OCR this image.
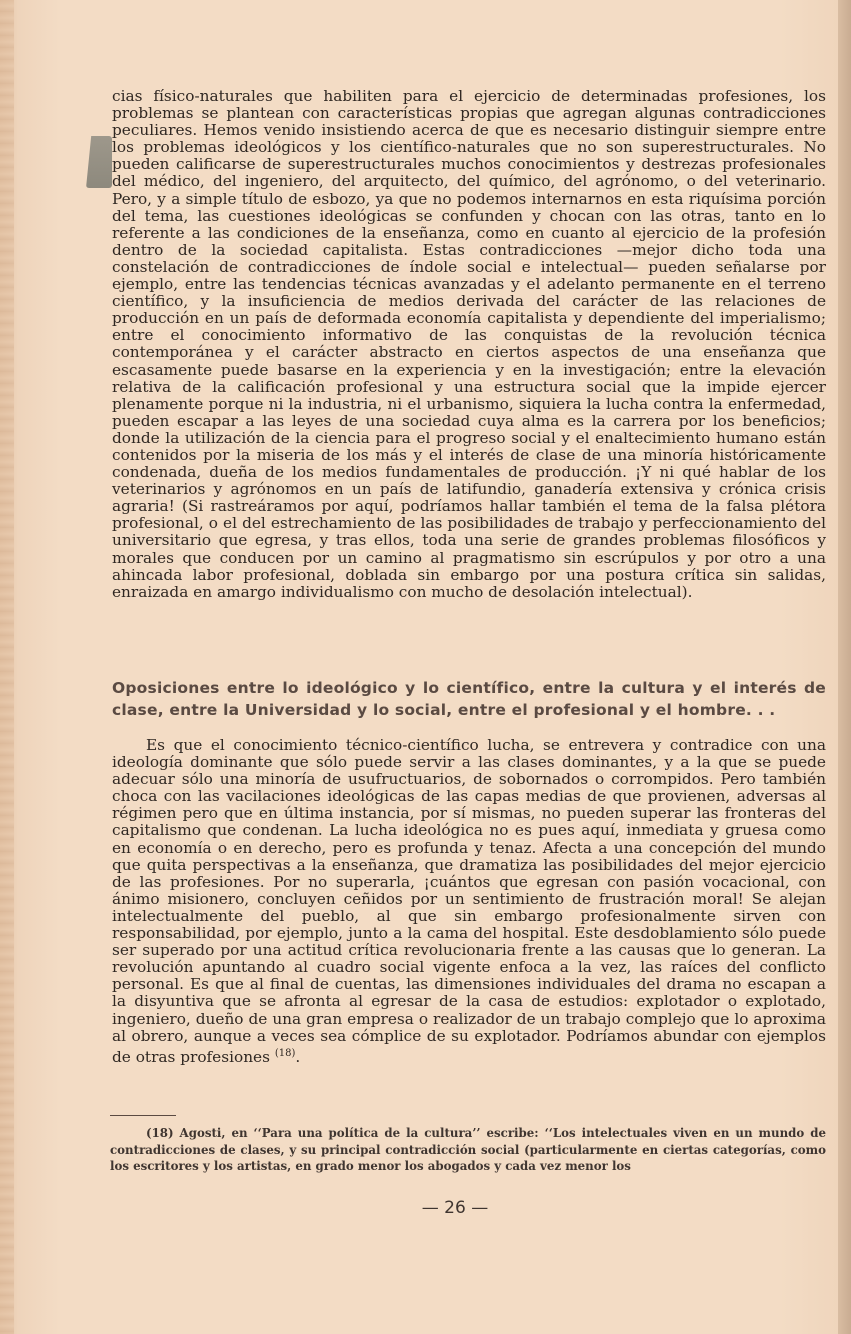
cias físico-naturales que habiliten para el ejercicio de determinadas profesiones, los problemas se plantean con características propias que agregan algunas contradicciones peculiares. Hemos venido insistiendo acerca de que es necesario distinguir siempre entre los problemas ideológicos y los científico-naturales que no son superestructurales. No pueden calificarse de superestructurales muchos conocimientos y destrezas profesionales del médico, del ingeniero, del arquitecto, del químico, del agrónomo, o del veterinario. Pero, y a simple título de esbozo, ya que no podemos internarnos en esta riquísima porción del tema, las cuestiones ideológicas se confunden y chocan con las otras, tanto en lo referente a las condiciones de la enseñanza, como en cuanto al ejercicio de la profesión dentro de la sociedad capitalista. Estas contradicciones —mejor dicho toda una constelación de contradicciones de índole social e intelectual— pueden señalarse por ejemplo, entre las tendencias técnicas avanzadas y el adelanto permanente en el terreno científico, y la insuficiencia de medios derivada del carácter de las relaciones de producción en un país de deformada economía capitalista y dependiente del imperialismo; entre el conocimiento informativo de las conquistas de la revolución técnica contemporánea y el carácter abstracto en ciertos aspectos de una enseñanza que escasamente puede basarse en la experiencia y en la investigación; entre la elevación relativa de la calificación profesional y una estructura social que la impide ejercer plenamente porque ni la industria, ni el urbanismo, siquiera la lucha contra la enfermedad, pueden escapar a las leyes de una sociedad cuya alma es la carrera por los beneficios; donde la utilización de la ciencia para el progreso social y el enaltecimiento humano están contenidos por la miseria de los más y el interés de clase de una minoría históricamente condenada, dueña de los medios fundamentales de producción. ¡Y ni qué hablar de los veterinarios y agrónomos en un país de latifundio, ganadería extensiva y crónica crisis agraria! (Si rastreáramos por aquí, podríamos hallar también el tema de la falsa plétora profesional, o el del estrechamiento de las posibilidades de trabajo y perfeccionamiento del universitario que egresa, y tras ellos, toda una serie de grandes problemas filosóficos y morales que conducen por un camino al pragmatismo sin escrúpulos y por otro a una ahincada labor profesional, doblada sin embargo por una postura crítica sin salidas, enraizada en amargo individualismo con mucho de desolación intelectual).

Oposiciones entre lo ideológico y lo científico, entre la cultura y el interés de clase, entre la Universidad y lo social, entre el profesional y el hombre. . .

Es que el conocimiento técnico-científico lucha, se entrevera y contradice con una ideología dominante que sólo puede servir a las clases dominantes, y a la que se puede adecuar sólo una minoría de usufructuarios, de sobornados o corrompidos. Pero también choca con las vacilaciones ideológicas de las capas medias de que provienen, adversas al régimen pero que en última instancia, por sí mismas, no pueden superar las fronteras del capitalismo que condenan. La lucha ideológica no es pues aquí, inmediata y gruesa como en economía o en derecho, pero es profunda y tenaz. Afecta a una concepción del mundo que quita perspectivas a la enseñanza, que dramatiza las posibilidades del mejor ejercicio de las profesiones. Por no superarla, ¡cuántos que egresan con pasión vocacional, con ánimo misionero, concluyen ceñidos por un sentimiento de frustración moral! Se alejan intelectualmente del pueblo, al que sin embargo profesionalmente sirven con responsabilidad, por ejemplo, junto a la cama del hospital. Este desdoblamiento sólo puede ser superado por una actitud crítica revolucionaria frente a las causas que lo generan. La revolución apuntando al cuadro social vigente enfoca a la vez, las raíces del conflicto personal. Es que al final de cuentas, las dimensiones individuales del drama no escapan a la disyuntiva que se afronta al egresar de la casa de estudios: explotador o explotado, ingeniero, dueño de una gran empresa o realizador de un trabajo complejo que lo aproxima al obrero, aunque a veces sea cómplice de su explotador. Podríamos abundar con ejemplos de otras profesiones $^{(18)}$.

(18) Agosti, en ‘‘Para una política de la cultura’’ escribe: ‘‘Los intelectuales viven en un mundo de contradicciones de clases, y su principal contradicción social (particularmente en ciertas categorías, como los escritores y los artistas, en grado menor los abogados y cada vez menor los
— 26 —
